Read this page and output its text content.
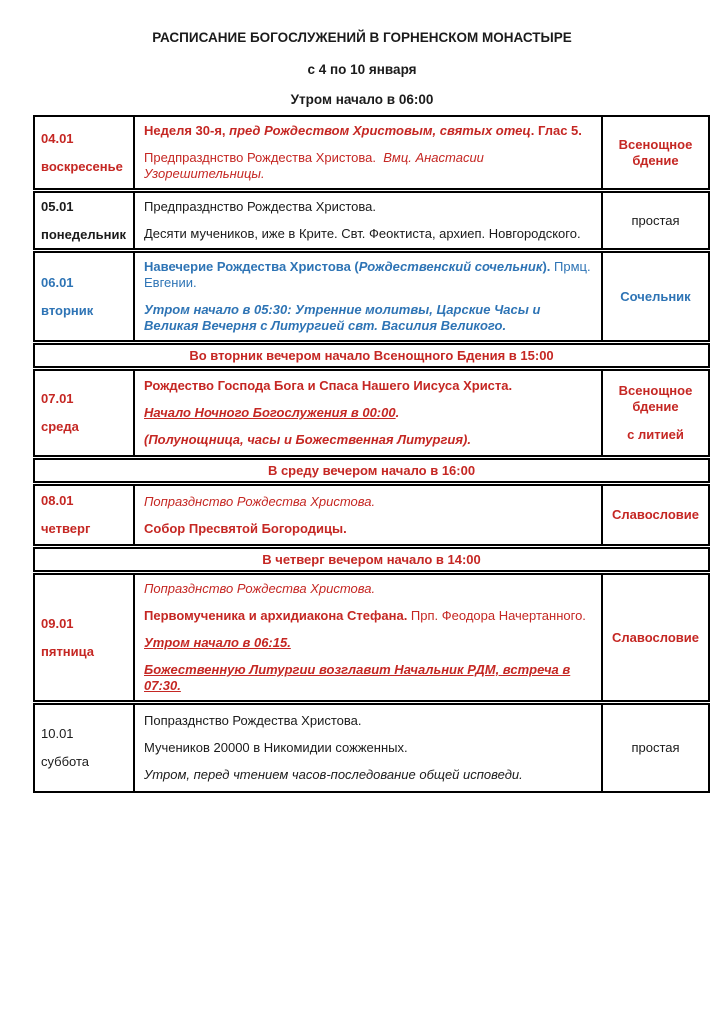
РАСПИСАНИЕ БОГОСЛУЖЕНИЙ В ГОРНЕНСКОМ МОНАСТЫРЕ
с 4 по 10 января
Утром начало в 06:00
04.01
воскресенье

Неделя 30-я, пред Рождеством Христовым, святых отец. Глас 5.

Предпразднство Рождества Христова.  Вмц. Анастасии Узорешительницы.

Всенощное бдение
05.01
понедельник

Предпразднство Рождества Христова.

Десяти мучеников, иже в Крите. Свт. Феоктиста, архиеп. Новгородского.

простая
06.01
вторник

Навечерие Рождества Христова (Рождественский сочельник). Прмц. Евгении.

Утром начало в 05:30: Утренние молитвы, Царские Часы и Великая Вечерня с Литургией свт. Василия Великого.

Сочельник
Во вторник вечером начало Всенощного Бдения в 15:00
07.01
среда

Рождество Господа Бога и Спаса Нашего Иисуса Христа.

Начало Ночного Богослужения в 00:00.

(Полунощница, часы и Божественная Литургия).

Всенощное бдение
с литией
В среду вечером начало в 16:00
08.01
четверг

Попразднство Рождества Христова.

Собор Пресвятой Богородицы.

Славословие
В четверг вечером начало в 14:00
09.01
пятница

Попразднство Рождества Христова.

Первомученика и архидиакона Стефана. Прп. Феодора Начертанного.

Утром начало в 06:15.

Божественную Литургии возглавит Начальник РДМ, встреча в 07:30.

Славословие
10.01
суббота

Попразднство Рождества Христова.

Мучеников 20000 в Никомидии сожженных.

Утром, перед чтением часов-последование общей исповеди.

простая
